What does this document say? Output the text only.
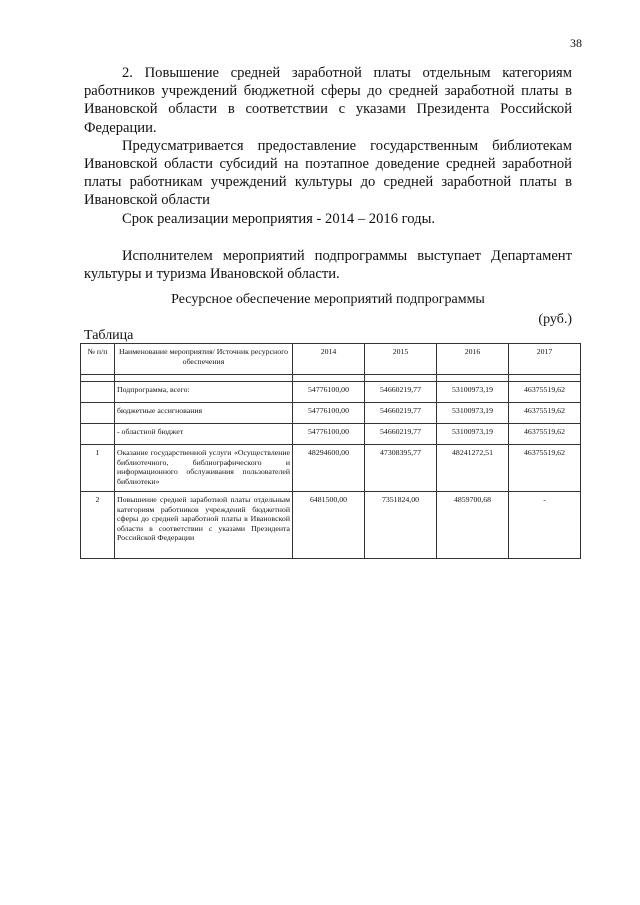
38

2. Повышение средней заработной платы отдельным категориям работников учреждений бюджетной сферы до средней заработной платы в Ивановской области в соответствии с указами Президента Российской Федерации.

Предусматривается предоставление государственным библиотекам Ивановской области субсидий на поэтапное доведение средней заработной платы работникам учреждений культуры до средней заработной платы в Ивановской области

Срок реализации мероприятия - 2014 – 2016 годы.

Исполнителем мероприятий подпрограммы выступает Департамент культуры и туризма Ивановской области.

Ресурсное обеспечение мероприятий подпрограммы
(руб.)
Таблица
№ п/п	Наименование мероприятия/ Источник ресурсного обеспечения	2014	2015	2016	2017

	Подпрограмма, всего:	54776100,00	54660219,77	53100973,19	46375519,62
	бюджетные ассигнования	54776100,00	54660219,77	53100973,19	46375519,62
	- областной бюджет	54776100,00	54660219,77	53100973,19	46375519,62
1	Оказание государственной услуги «Осуществление библиотечного, библиографического и информационного обслуживания пользователей библиотеки»	48294600,00	47308395,77	48241272,51	46375519,62
2	Повышение средней заработной платы отдельным категориям работников учреждений бюджетной сферы до средней заработной платы в Ивановской области в соответствии с указами Президента Российской Федерации	6481500,00	7351824,00	4859700,68	-
